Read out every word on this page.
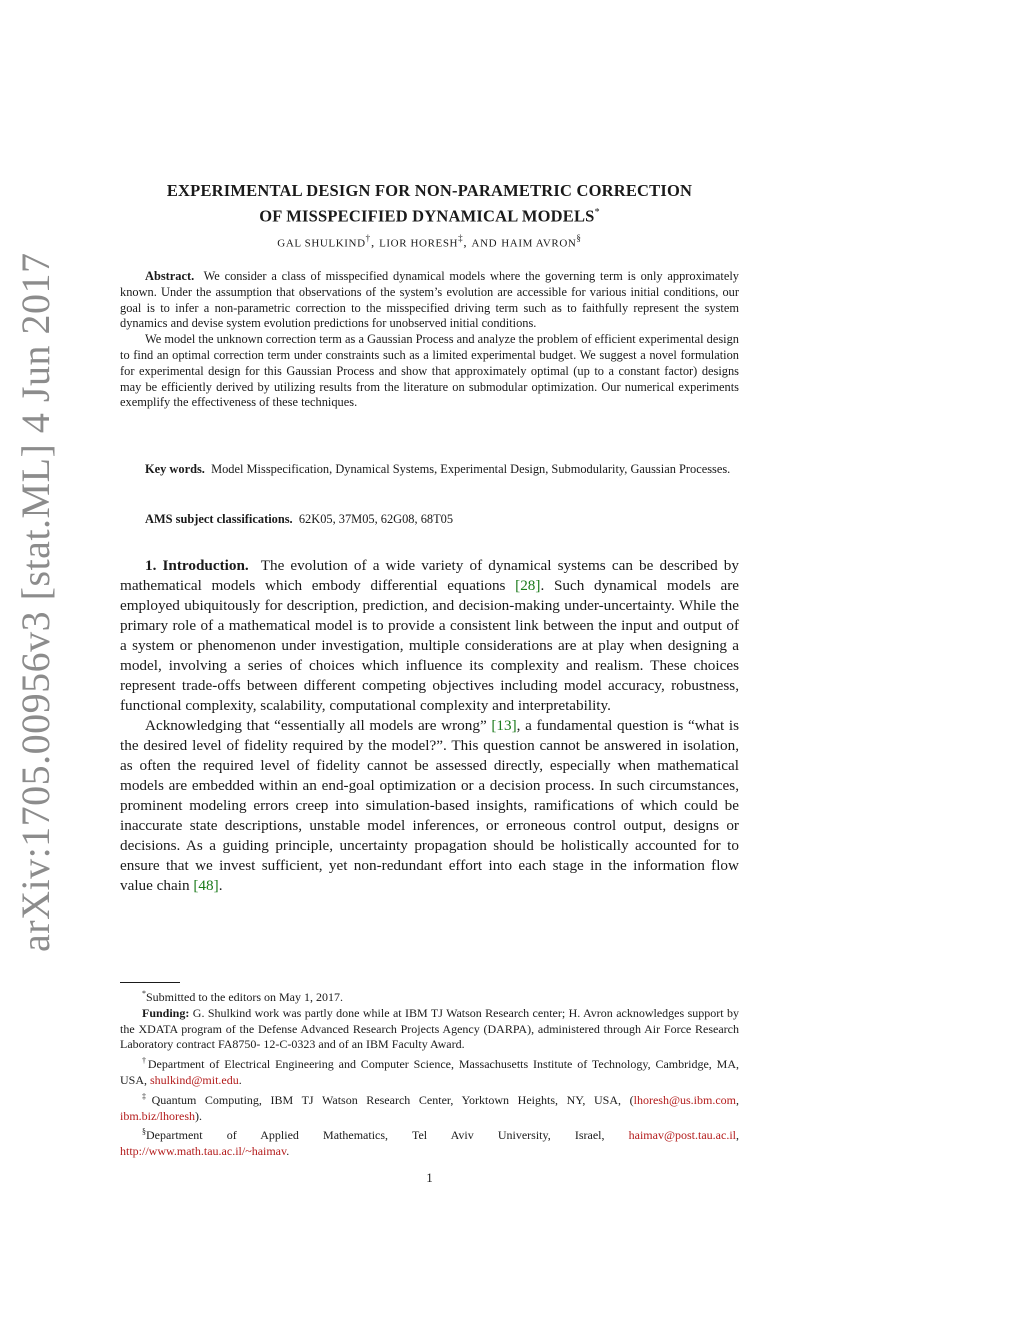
arXiv:1705.00956v3 [stat.ML] 4 Jun 2017
EXPERIMENTAL DESIGN FOR NON-PARAMETRIC CORRECTION
OF MISSPECIFIED DYNAMICAL MODELS*
GAL SHULKIND†, LIOR HORESH‡, AND HAIM AVRON§

Abstract. We consider a class of misspecified dynamical models where the governing term is only approximately known. Under the assumption that observations of the system’s evolution are accessible for various initial conditions, our goal is to infer a non-parametric correction to the misspecified driving term such as to faithfully represent the system dynamics and devise system evolution predictions for unobserved initial conditions.

We model the unknown correction term as a Gaussian Process and analyze the problem of efficient experimental design to find an optimal correction term under constraints such as a limited experimental budget. We suggest a novel formulation for experimental design for this Gaussian Process and show that approximately optimal (up to a constant factor) designs may be efficiently derived by utilizing results from the literature on submodular optimization. Our numerical experiments exemplify the effectiveness of these techniques.

Key words. Model Misspecification, Dynamical Systems, Experimental Design, Submodularity, Gaussian Processes.

AMS subject classifications. 62K05, 37M05, 62G08, 68T05

1. Introduction. The evolution of a wide variety of dynamical systems can be described by mathematical models which embody differential equations [28]. Such dynamical models are employed ubiquitously for description, prediction, and decision-making under-uncertainty. While the primary role of a mathematical model is to provide a consistent link between the input and output of a system or phenomenon under investigation, multiple considerations are at play when designing a model, involving a series of choices which influence its complexity and realism. These choices represent trade-offs between different competing objectives including model accuracy, robustness, functional complexity, scalability, computational complexity and interpretability.

Acknowledging that “essentially all models are wrong” [13], a fundamental question is “what is the desired level of fidelity required by the model?”. This question cannot be answered in isolation, as often the required level of fidelity cannot be assessed directly, especially when mathematical models are embedded within an end-goal optimization or a decision process. In such circumstances, prominent modeling errors creep into simulation-based insights, ramifications of which could be inaccurate state descriptions, unstable model inferences, or erroneous control output, designs or decisions. As a guiding principle, uncertainty propagation should be holistically accounted for to ensure that we invest sufficient, yet non-redundant effort into each stage in the information flow value chain [48].

*Submitted to the editors on May 1, 2017.

Funding: G. Shulkind work was partly done while at IBM TJ Watson Research center; H. Avron acknowledges support by the XDATA program of the Defense Advanced Research Projects Agency (DARPA), administered through Air Force Research Laboratory contract FA8750- 12-C-0323 and of an IBM Faculty Award.

†Department of Electrical Engineering and Computer Science, Massachusetts Institute of Technology, Cambridge, MA, USA, shulkind@mit.edu.

‡Quantum Computing, IBM TJ Watson Research Center, Yorktown Heights, NY, USA, (lhoresh@us.ibm.com, ibm.biz/lhoresh).

§Department of Applied Mathematics, Tel Aviv University, Israel, haimav@post.tau.ac.il, http://www.math.tau.ac.il/~haimav.

1
